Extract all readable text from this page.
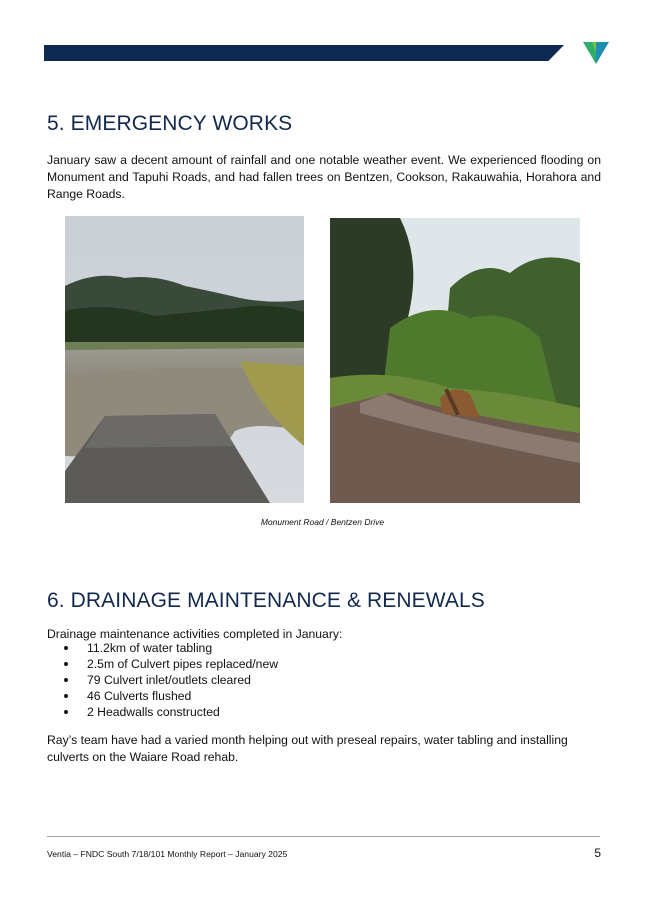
5. EMERGENCY WORKS

January saw a decent amount of rainfall and one notable weather event. We experienced flooding on Monument and Tapuhi Roads, and had fallen trees on Bentzen, Cookson, Rakauwahia, Horahora and Range Roads.

Monument Road / Bentzen Drive
6. DRAINAGE MAINTENANCE & RENEWALS

Drainage maintenance activities completed in January:

11.2km of water tabling
2.5m of Culvert pipes replaced/new
79 Culvert inlet/outlets cleared
46 Culverts flushed
2 Headwalls constructed

Ray’s team have had a varied month helping out with preseal repairs, water tabling and installing culverts on the Waiare Road rehab.

Ventia – FNDC South 7/18/101 Monthly Report – January 2025	5
